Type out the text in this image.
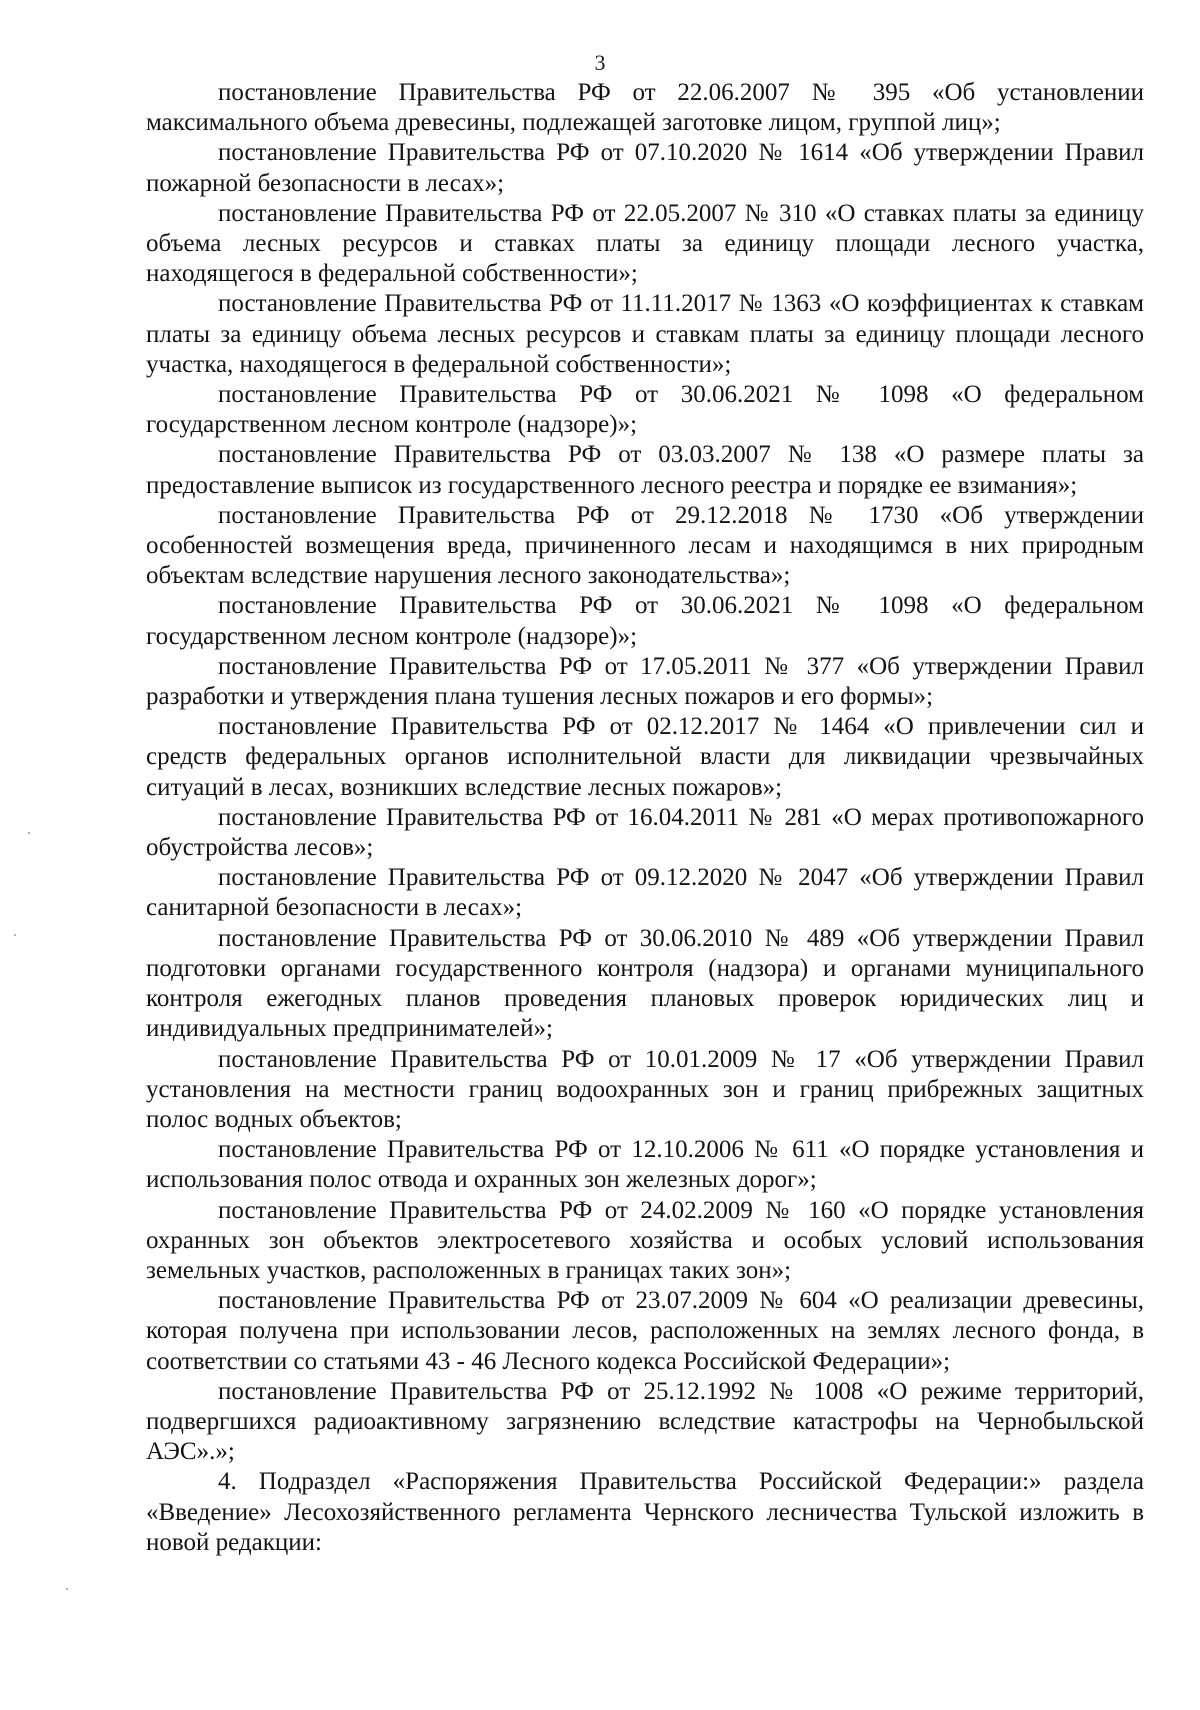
3

постановление Правительства РФ от 22.06.2007 № 395 «Об установлении максимального объема древесины, подлежащей заготовке лицом, группой лиц»;

постановление Правительства РФ от 07.10.2020 № 1614 «Об утверждении Правил пожарной безопасности в лесах»;

постановление Правительства РФ от 22.05.2007 № 310 «О ставках платы за единицу объема лесных ресурсов и ставках платы за единицу площади лесного участка, находящегося в федеральной собственности»;

постановление Правительства РФ от 11.11.2017 № 1363 «О коэффициентах к ставкам платы за единицу объема лесных ресурсов и ставкам платы за единицу площади лесного участка, находящегося в федеральной собственности»;

постановление Правительства РФ от 30.06.2021 № 1098 «О федеральном государственном лесном контроле (надзоре)»;

постановление Правительства РФ от 03.03.2007 № 138 «О размере платы за предоставление выписок из государственного лесного реестра и порядке ее взимания»;

постановление Правительства РФ от 29.12.2018 № 1730 «Об утверждении особенностей возмещения вреда, причиненного лесам и находящимся в них природным объектам вследствие нарушения лесного законодательства»;

постановление Правительства РФ от 30.06.2021 № 1098 «О федеральном государственном лесном контроле (надзоре)»;

постановление Правительства РФ от 17.05.2011 № 377 «Об утверждении Правил разработки и утверждения плана тушения лесных пожаров и его формы»;

постановление Правительства РФ от 02.12.2017 № 1464 «О привлечении сил и средств федеральных органов исполнительной власти для ликвидации чрезвычайных ситуаций в лесах, возникших вследствие лесных пожаров»;

постановление Правительства РФ от 16.04.2011 № 281 «О мерах противопожарного обустройства лесов»;

постановление Правительства РФ от 09.12.2020 № 2047 «Об утверждении Правил санитарной безопасности в лесах»;

постановление Правительства РФ от 30.06.2010 № 489 «Об утверждении Правил подготовки органами государственного контроля (надзора) и органами муниципального контроля ежегодных планов проведения плановых проверок юридических лиц и индивидуальных предпринимателей»;

постановление Правительства РФ от 10.01.2009 № 17 «Об утверждении Правил установления на местности границ водоохранных зон и границ прибрежных защитных полос водных объектов;

постановление Правительства РФ от 12.10.2006 № 611 «О порядке установления и использования полос отвода и охранных зон железных дорог»;

постановление Правительства РФ от 24.02.2009 № 160 «О порядке установления охранных зон объектов электросетевого хозяйства и особых условий использования земельных участков, расположенных в границах таких зон»;

постановление Правительства РФ от 23.07.2009 № 604 «О реализации древесины, которая получена при использовании лесов, расположенных на землях лесного фонда, в соответствии со статьями 43 - 46 Лесного кодекса Российской Федерации»;

постановление Правительства РФ от 25.12.1992 № 1008 «О режиме территорий, подвергшихся радиоактивному загрязнению вследствие катастрофы на Чернобыльской АЭС».»;

4. Подраздел «Распоряжения Правительства Российской Федерации:» раздела «Введение» Лесохозяйственного регламента Чернского лесничества Тульской изложить в новой редакции:
